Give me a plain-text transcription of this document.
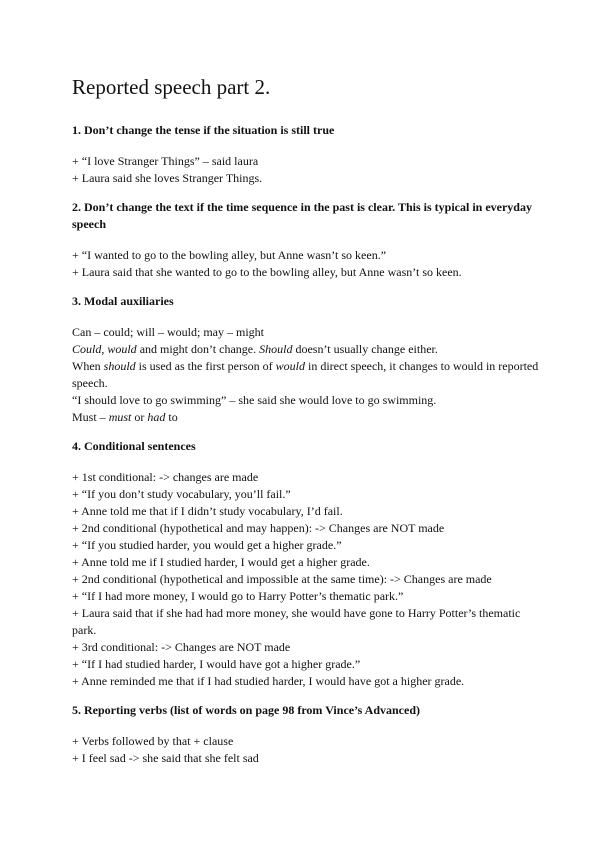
Reported speech part 2.

1. Don’t change the tense if the situation is still true

+ “I love Stranger Things” – said laura

+ Laura said she loves Stranger Things.

2. Don’t change the text if the time sequence in the past is clear. This is typical in everyday speech

+ “I wanted to go to the bowling alley, but Anne wasn’t so keen.”

+ Laura said that she wanted to go to the bowling alley, but Anne wasn’t so keen.

3. Modal auxiliaries

Can – could; will – would; may – might

Could, would and might don’t change. Should doesn’t usually change either.

When should is used as the first person of would in direct speech, it changes to would in reported speech.

“I should love to go swimming” – she said she would love to go swimming.

Must – must or had to

4. Conditional sentences

+ 1st conditional: -> changes are made

+ “If you don’t study vocabulary, you’ll fail.”

+ Anne told me that if I didn’t study vocabulary, I’d fail.

+ 2nd conditional (hypothetical and may happen): -> Changes are NOT made

+ “If you studied harder, you would get a higher grade.”

+ Anne told me if I studied harder, I would get a higher grade.

+ 2nd conditional (hypothetical and impossible at the same time): -> Changes are made

+ “If I had more money, I would go to Harry Potter’s thematic park.”

+ Laura said that if she had had more money, she would have gone to Harry Potter’s thematic park.

+ 3rd conditional: -> Changes are NOT made

+ “If I had studied harder, I would have got a higher grade.”

+ Anne reminded me that if I had studied harder, I would have got a higher grade.

5. Reporting verbs (list of words on page 98 from Vince’s Advanced)

+ Verbs followed by that + clause

+ I feel sad -> she said that she felt sad
